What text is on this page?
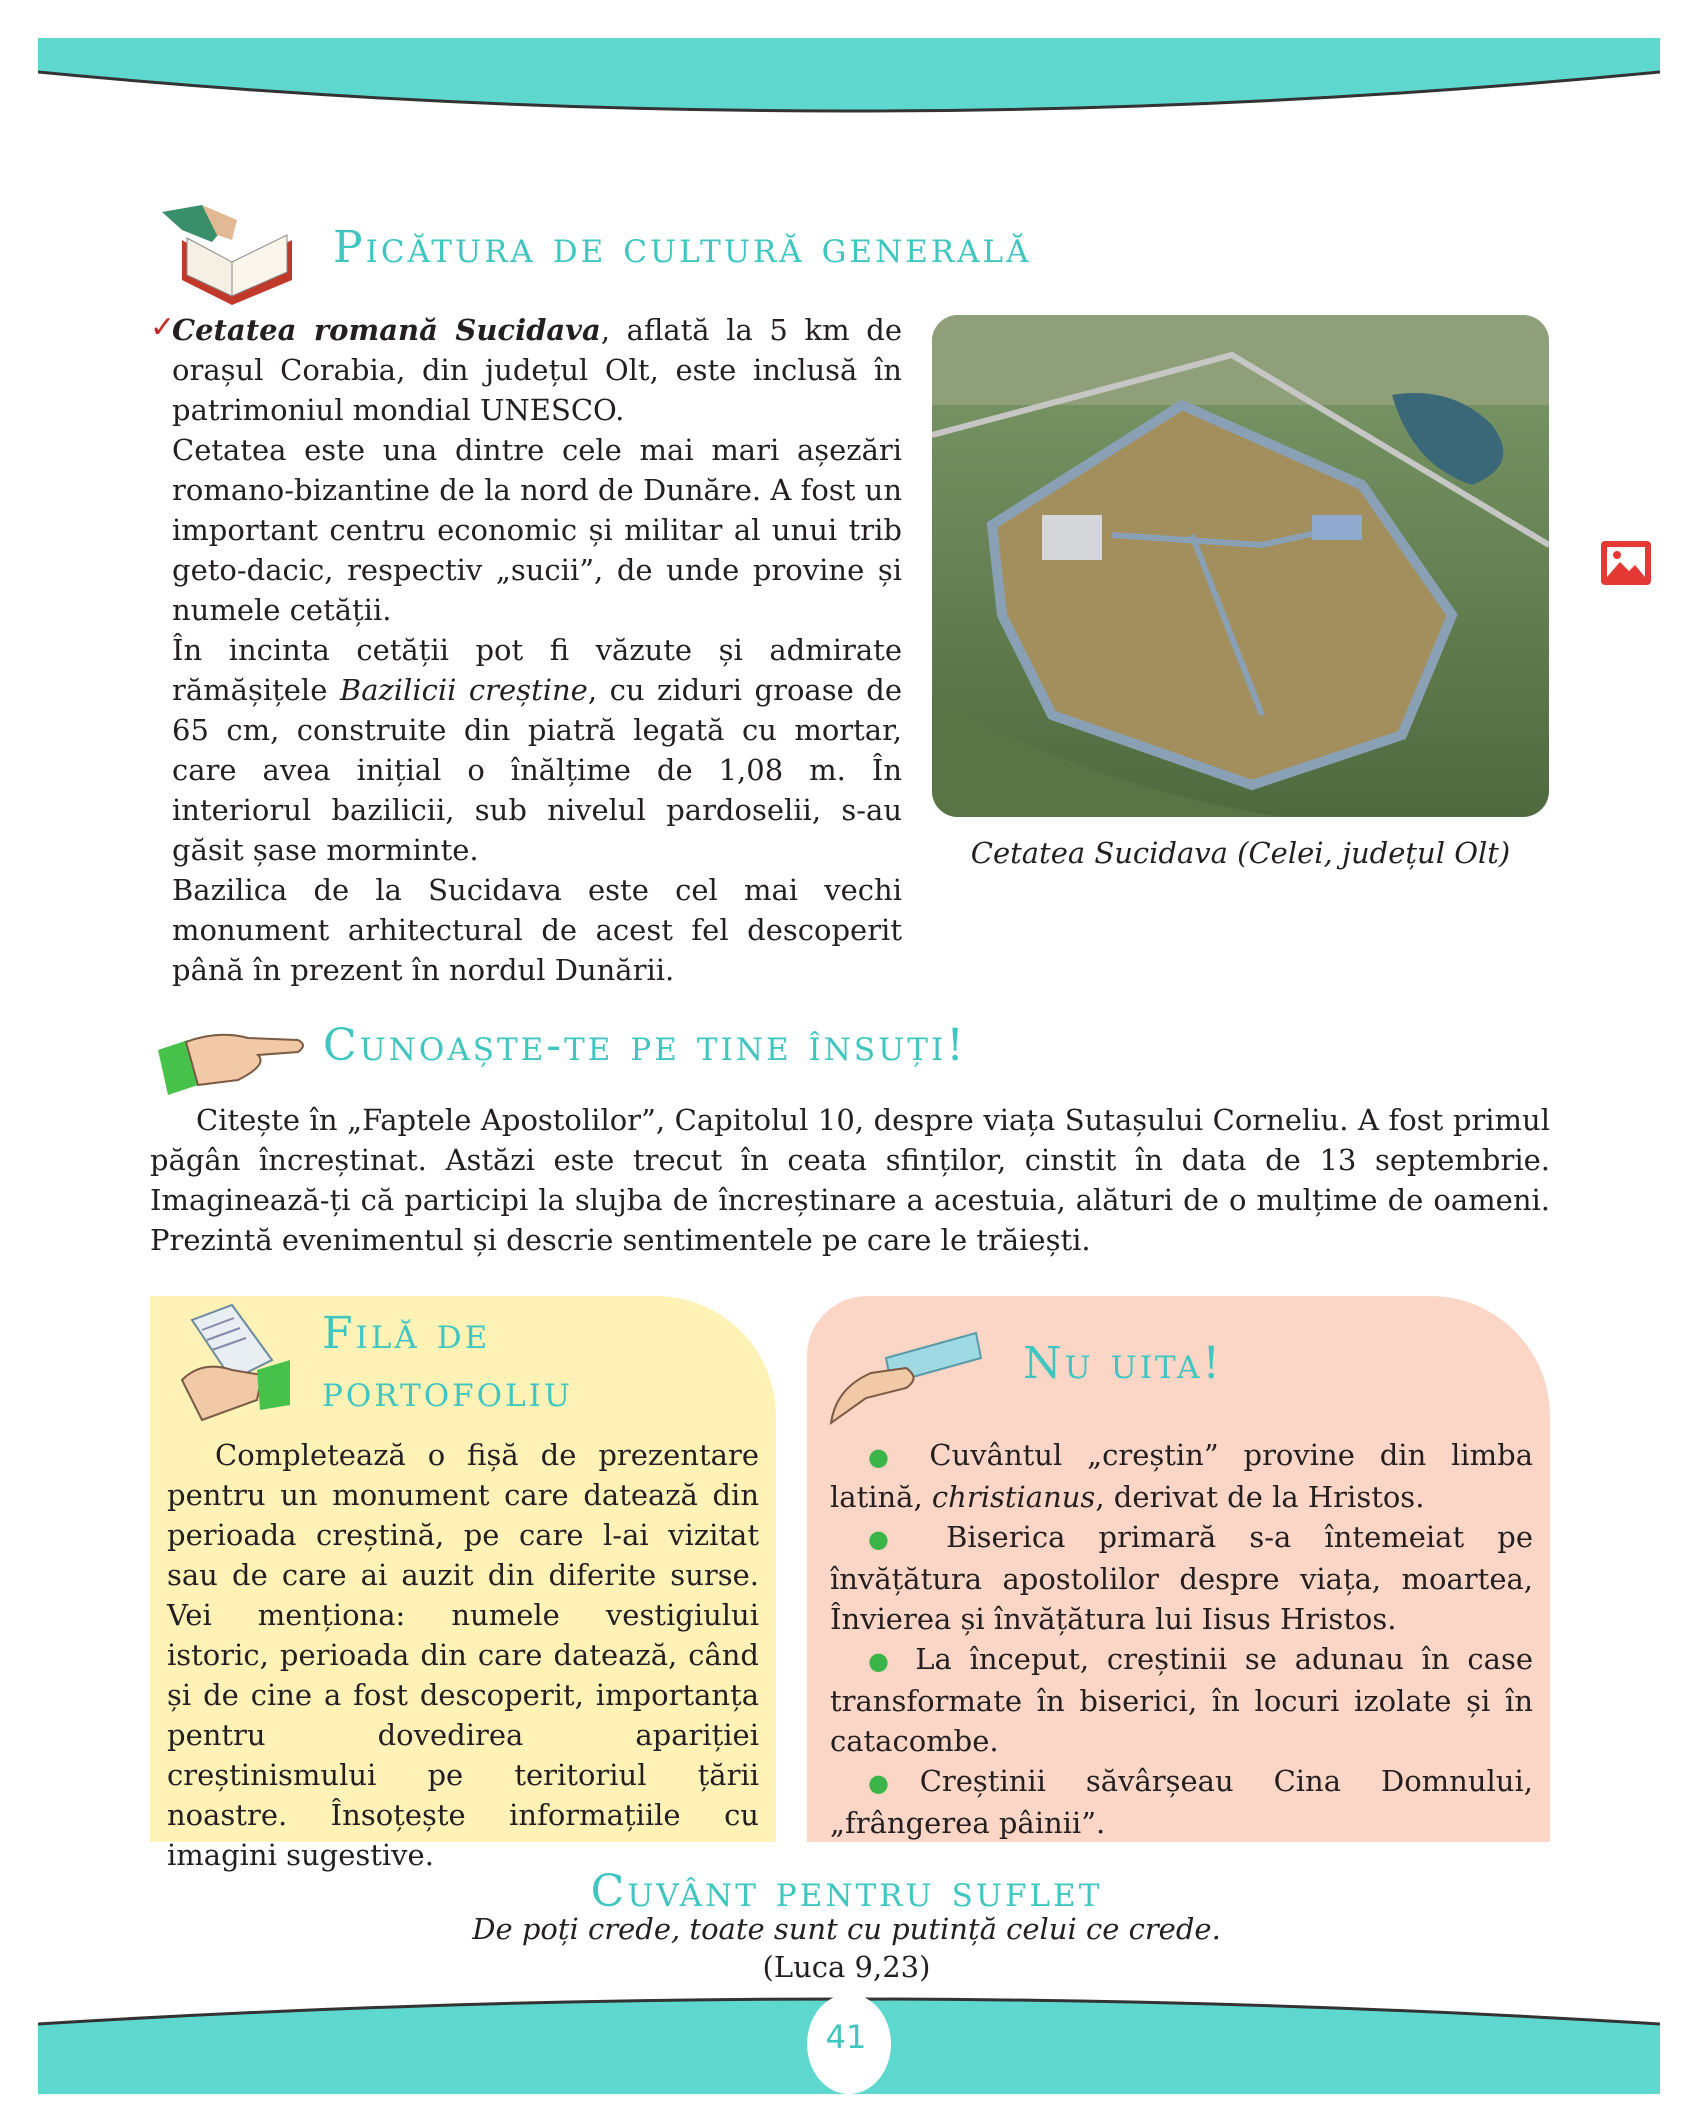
Picătura de cultură generală
✓

Cetatea romană Sucidava, aflată la 5 km de orașul Corabia, din județul Olt, este inclusă în patrimoniul mondial UNESCO.

Cetatea este una dintre cele mai mari așezări romano-bizantine de la nord de Dunăre. A fost un important centru economic și militar al unui trib geto-dacic, respectiv „sucii”, de unde provine și numele cetății.

În incinta cetății pot fi văzute și admirate rămășițele Bazilicii creștine, cu ziduri groase de 65 cm, construite din piatră legată cu mortar, care avea inițial o înălțime de 1,08 m. În interiorul bazilicii, sub nivelul pardoselii, s-au găsit șase morminte.

Bazilica de la Sucidava este cel mai vechi monument arhitectural de acest fel descoperit până în prezent în nordul Dunării.

Cetatea Sucidava (Celei, județul Olt)
Cunoaște-te pe tine însuți!

Citește în „Faptele Apostolilor”, Capitolul 10, despre viața Sutașului Corneliu. A fost primul păgân încreștinat. Astăzi este trecut în ceata sfinților, cinstit în data de 13 septembrie. Imaginează-ți că participi la slujba de încreștinare a acestuia, alături de o mulțime de oameni. Prezintă evenimentul și descrie sentimentele pe care le trăiești.

Filă de portofoliu

Completează o fișă de prezentare pentru un monument care datează din perioada creștină, pe care l-ai vizitat sau de care ai auzit din diferite surse. Vei menționa: numele vestigiului istoric, perioada din care datează, când și de cine a fost descoperit, importanța pentru dovedirea apariției creștinismului pe teritoriul țării noastre. Însoțește informațiile cu imagini sugestive.

Nu uita!

● Cuvântul „creștin” provine din limba latină, christianus, derivat de la Hristos.

● Biserica primară s-a întemeiat pe învățătura apostolilor despre viața, moartea, Învierea și învățătura lui Iisus Hristos.

● La început, creștinii se adunau în case transformate în biserici, în locuri izolate și în catacombe.

●Creștinii săvârșeau Cina Domnului, „frângerea pâinii”.

Cuvânt pentru suflet
De poți crede, toate sunt cu putință celui ce crede.
(Luca 9,23)
41
